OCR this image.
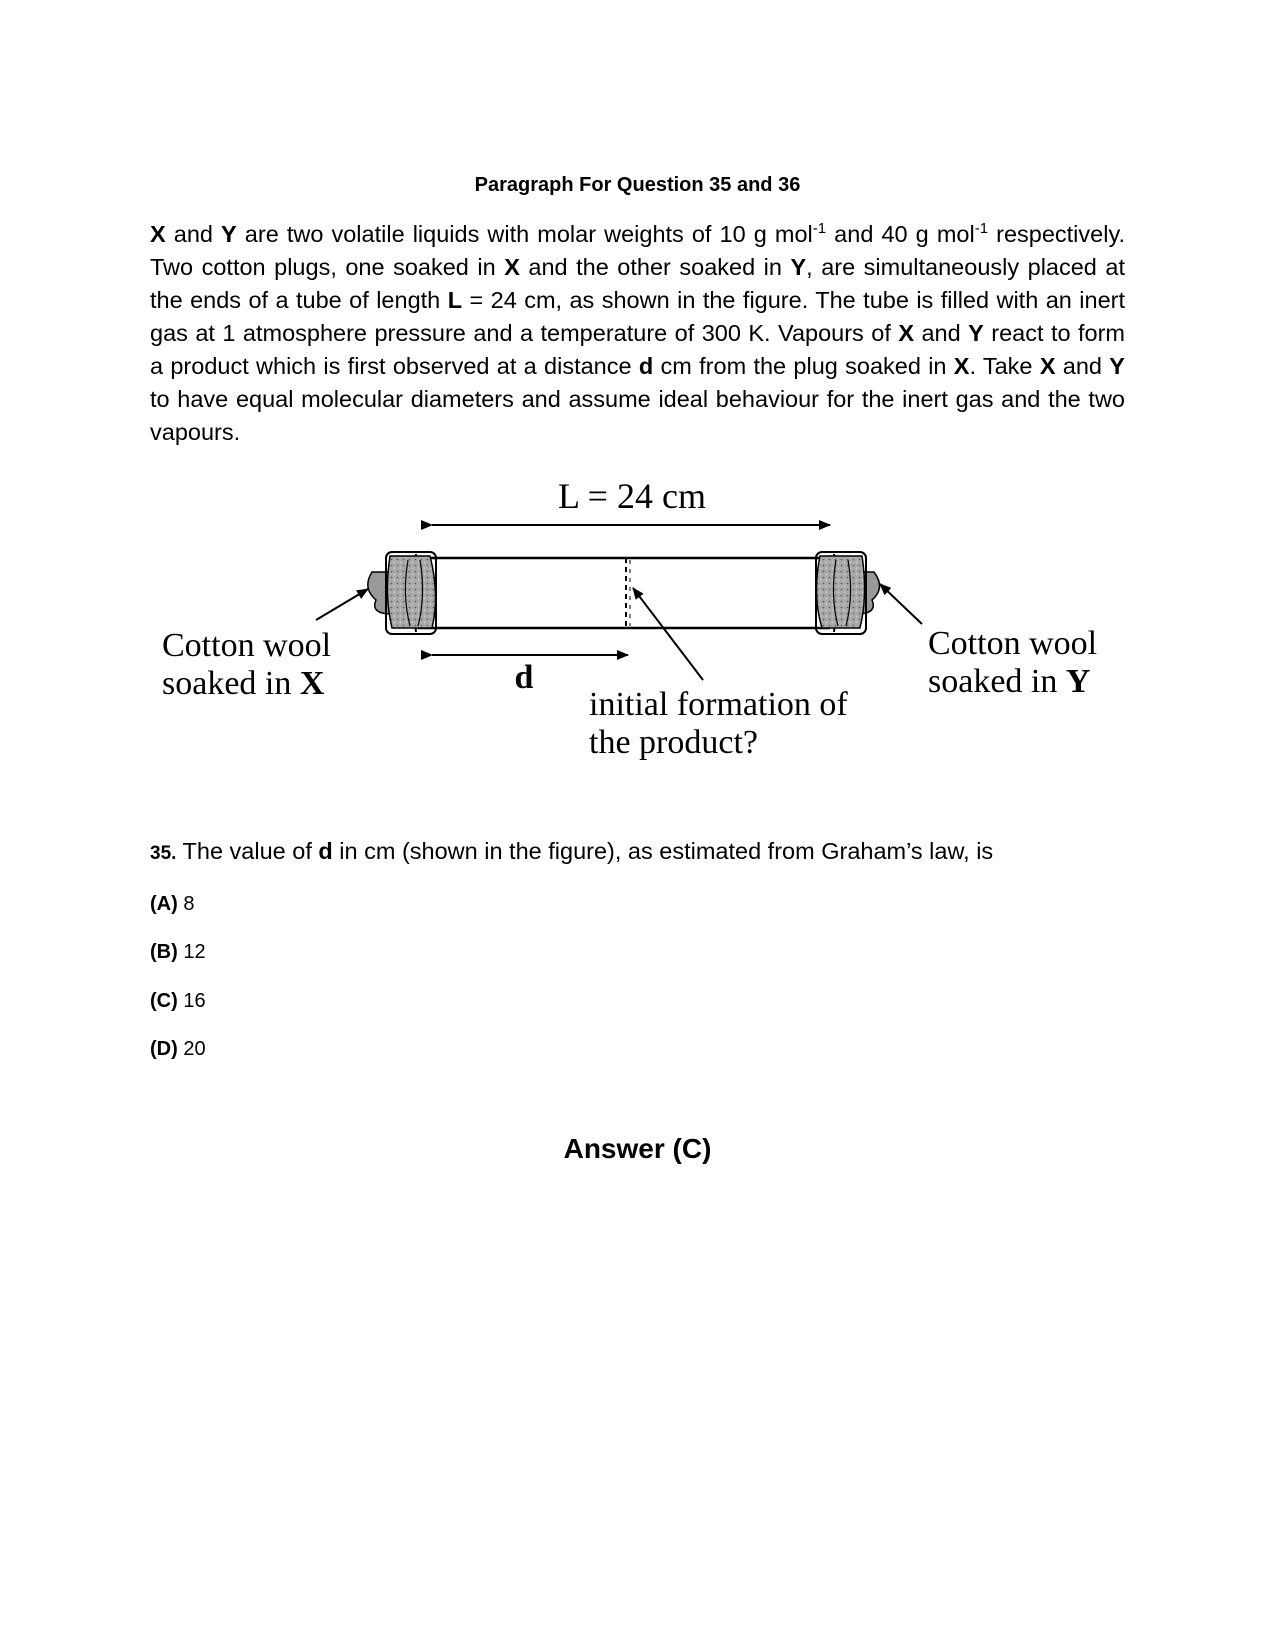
Paragraph For Question 35 and 36
X and Y are two volatile liquids with molar weights of 10 g mol$^{-1}$ and 40 g mol$^{-1}$ respectively. Two cotton plugs, one soaked in X and the other soaked in Y, are simultaneously placed at the ends of a tube of length L = 24 cm, as shown in the figure. The tube is filled with an inert gas at 1 atmosphere pressure and a temperature of 300 K. Vapours of X and Y react to form a product which is first observed at a distance d cm from the plug soaked in X. Take X and Y to have equal molecular diameters and assume ideal behaviour for the inert gas and the two vapours.
L = 24 cm
d
Cotton wool
soaked in X
Cotton wool
soaked in Y
initial formation of
the product?
35. The value of d in cm (shown in the figure), as estimated from Graham’s law, is
(A) 8
(B) 12
(C) 16
(D) 20
Answer (C)
